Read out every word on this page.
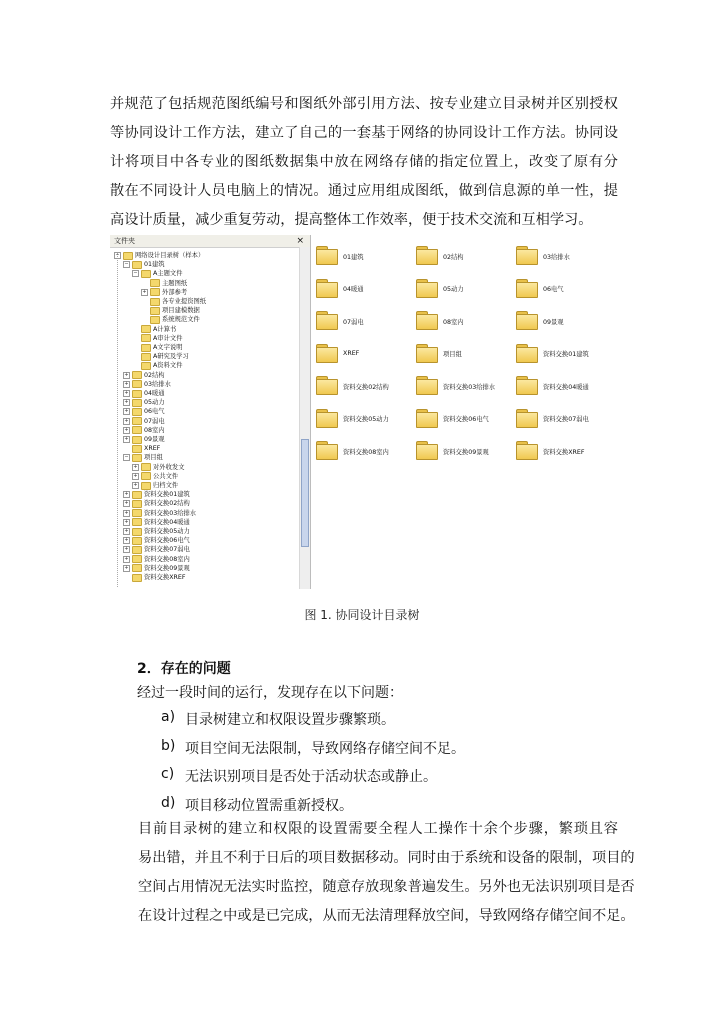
并规范了包括规范图纸编号和图纸外部引用方法、按专业建立目录树并区别授权
等协同设计工作方法，建立了自己的一套基于网络的协同设计工作方法。协同设
计将项目中各专业的图纸数据集中放在网络存储的指定位置上，改变了原有分
散在不同设计人员电脑上的情况。通过应用组成图纸，做到信息源的单一性，提
高设计质量，减少重复劳动，提高整体工作效率，便于技术交流和互相学习。
文件夹	×
− 网络设计目录树（样本）
− 01建筑
− A主题文件
主题图纸
+ 外部参考
各专业提资图纸
项目建模数据
系统规范文件
A计算书
A审计文件
A文字说明
A研究及学习
A资料文件
+ 02结构
+ 03给排水
+ 04暖通
+ 05动力
+ 06电气
+ 07弱电
+ 08室内
+ 09景观
XREF
− 项目组
+ 对外收发文
+ 公共文件
+ 归档文件
+ 资料交换01建筑
+ 资料交换02结构
+ 资料交换03给排水
+ 资料交换04暖通
+ 资料交换05动力
+ 资料交换06电气
+ 资料交换07弱电
+ 资料交换08室内
+ 资料交换09景观
资料交换XREF
01建筑	02结构	03给排水
04暖通	05动力	06电气
07弱电	08室内	09景观
XREF	项目组	资料交换01建筑
资料交换02结构	资料交换03给排水	资料交换04暖通
资料交换05动力	资料交换06电气	资料交换07弱电
资料交换08室内	资料交换09景观	资料交换XREF
图 1. 协同设计目录树
2．存在的问题
经过一段时间的运行，发现存在以下问题：
a) 目录树建立和权限设置步骤繁琐。
b) 项目空间无法限制，导致网络存储空间不足。
c) 无法识别项目是否处于活动状态或静止。
d) 项目移动位置需重新授权。
目前目录树的建立和权限的设置需要全程人工操作十余个步骤，繁琐且容
易出错，并且不利于日后的项目数据移动。同时由于系统和设备的限制，项目的
空间占用情况无法实时监控，随意存放现象普遍发生。另外也无法识别项目是否
在设计过程之中或是已完成，从而无法清理释放空间，导致网络存储空间不足。
